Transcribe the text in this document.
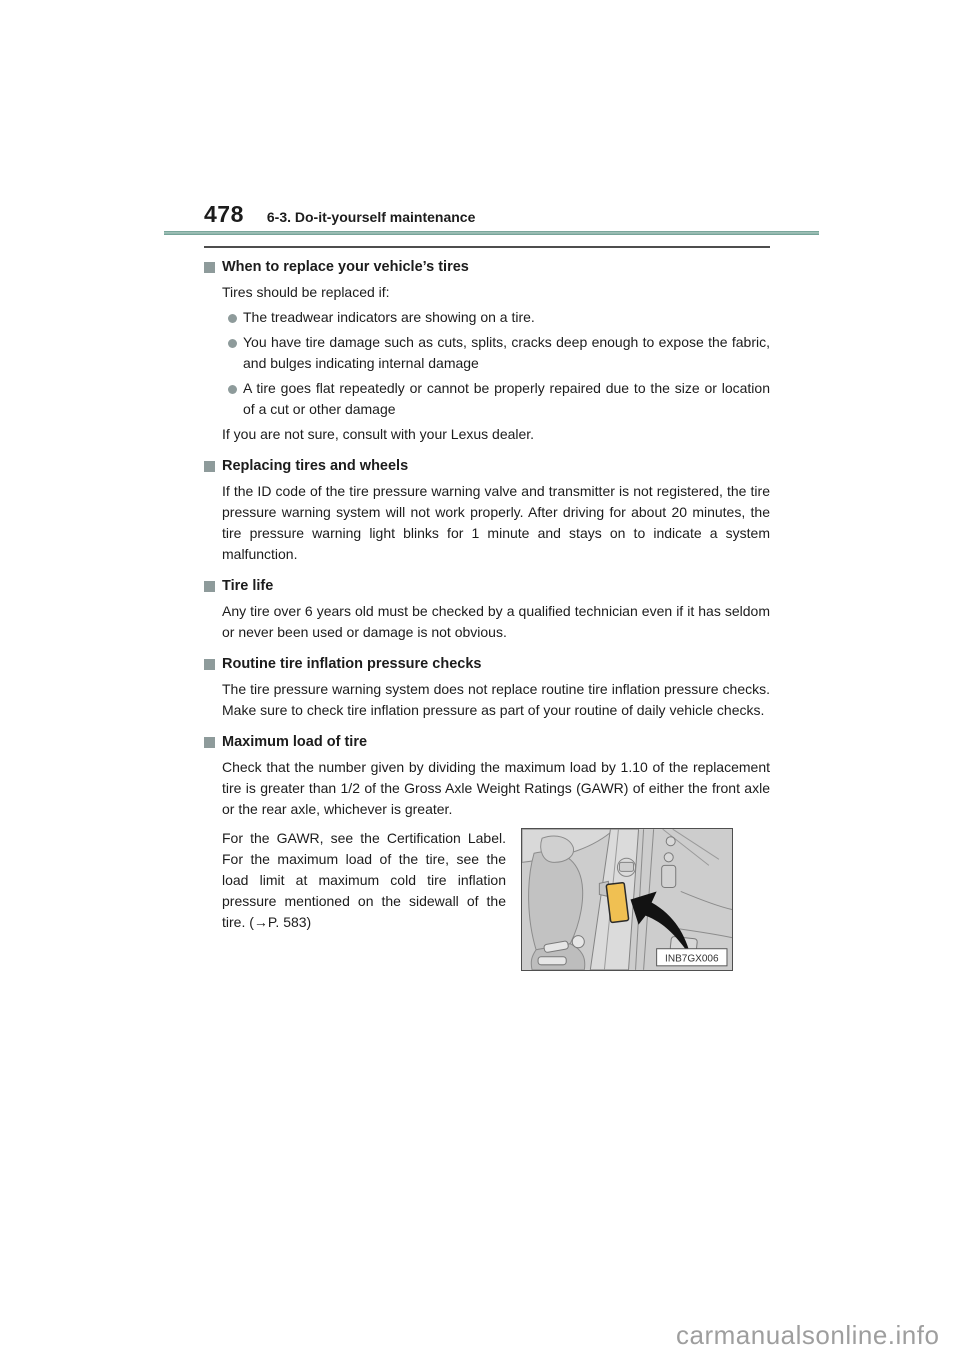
478 6-3. Do-it-yourself maintenance
When to replace your vehicle’s tires
Tires should be replaced if:
The treadwear indicators are showing on a tire.
You have tire damage such as cuts, splits, cracks deep enough to expose the fabric, and bulges indicating internal damage
A tire goes flat repeatedly or cannot be properly repaired due to the size or location of a cut or other damage
If you are not sure, consult with your Lexus dealer.
Replacing tires and wheels
If the ID code of the tire pressure warning valve and transmitter is not registered, the tire pressure warning system will not work properly. After driving for about 20 minutes, the tire pressure warning light blinks for 1 minute and stays on to indicate a system malfunction.
Tire life
Any tire over 6 years old must be checked by a qualified technician even if it has seldom or never been used or damage is not obvious.
Routine tire inflation pressure checks
The tire pressure warning system does not replace routine tire inflation pressure checks. Make sure to check tire inflation pressure as part of your routine of daily vehicle checks.
Maximum load of tire
Check that the number given by dividing the maximum load by 1.10 of the replacement tire is greater than 1/2 of the Gross Axle Weight Ratings (GAWR) of either the front axle or the rear axle, whichever is greater.
For the GAWR, see the Certification Label. For the maximum load of the tire, see the load limit at maximum cold tire inflation pressure mentioned on the sidewall of the tire. (→P. 583)
INB7GX006
carmanualsonline.info
